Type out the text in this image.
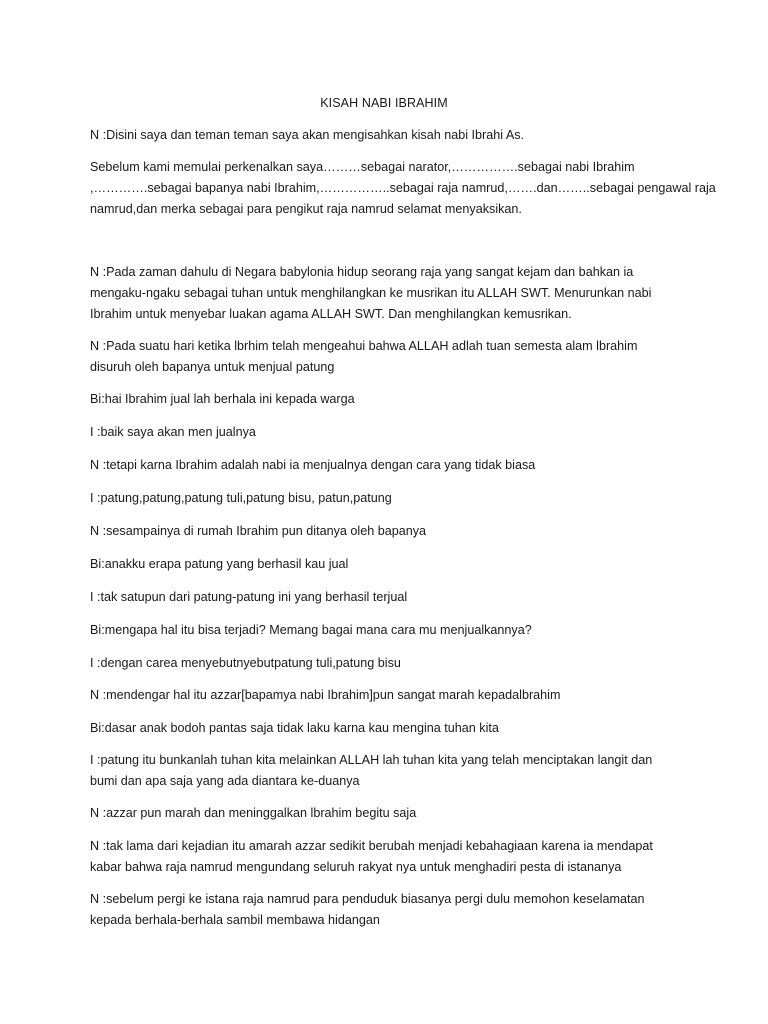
KISAH NABI IBRAHIM
N :Disini saya dan teman teman saya akan mengisahkan kisah nabi Ibrahi As.
Sebelum kami memulai perkenalkan saya………sebagai narator,…………….sebagai nabi Ibrahim
,………….sebagai bapanya nabi Ibrahim,……………..sebagai raja namrud,…….dan……..sebagai pengawal raja
namrud,dan merka sebagai para pengikut raja namrud selamat menyaksikan.
N :Pada zaman dahulu di Negara babylonia hidup seorang raja yang sangat kejam dan bahkan ia
mengaku-ngaku sebagai tuhan untuk menghilangkan ke musrikan itu ALLAH SWT. Menurunkan nabi
Ibrahim untuk menyebar luakan agama ALLAH SWT. Dan menghilangkan kemusrikan.
N :Pada suatu hari ketika lbrhim telah mengeahui bahwa ALLAH adlah tuan semesta alam lbrahim
disuruh oleh bapanya untuk menjual patung
Bi:hai Ibrahim jual lah berhala ini kepada warga
I :baik saya akan men jualnya
N :tetapi karna Ibrahim adalah nabi ia menjualnya dengan cara yang tidak biasa
I :patung,patung,patung tuli,patung bisu, patun,patung
N :sesampainya di rumah Ibrahim pun ditanya oleh bapanya
Bi:anakku erapa patung yang berhasil kau jual
I :tak satupun dari patung-patung ini yang berhasil terjual
Bi:mengapa hal itu bisa terjadi? Memang bagai mana cara mu menjualkannya?
I :dengan carea menyebutnyebutpatung tuli,patung bisu
N :mendengar hal itu azzar[bapamya nabi Ibrahim]pun sangat marah kepadalbrahim
Bi:dasar anak bodoh pantas saja tidak laku karna kau mengina tuhan kita
I :patung itu bunkanlah tuhan kita melainkan ALLAH lah tuhan kita yang telah menciptakan langit dan
bumi dan apa saja yang ada diantara ke-duanya
N :azzar pun marah dan meninggalkan lbrahim begitu saja
N :tak lama dari kejadian itu amarah azzar sedikit berubah menjadi kebahagiaan karena ia mendapat
kabar bahwa raja namrud mengundang seluruh rakyat nya untuk menghadiri pesta di istananya
N :sebelum pergi ke istana raja namrud para penduduk biasanya pergi dulu memohon keselamatan
kepada berhala-berhala sambil membawa hidangan
